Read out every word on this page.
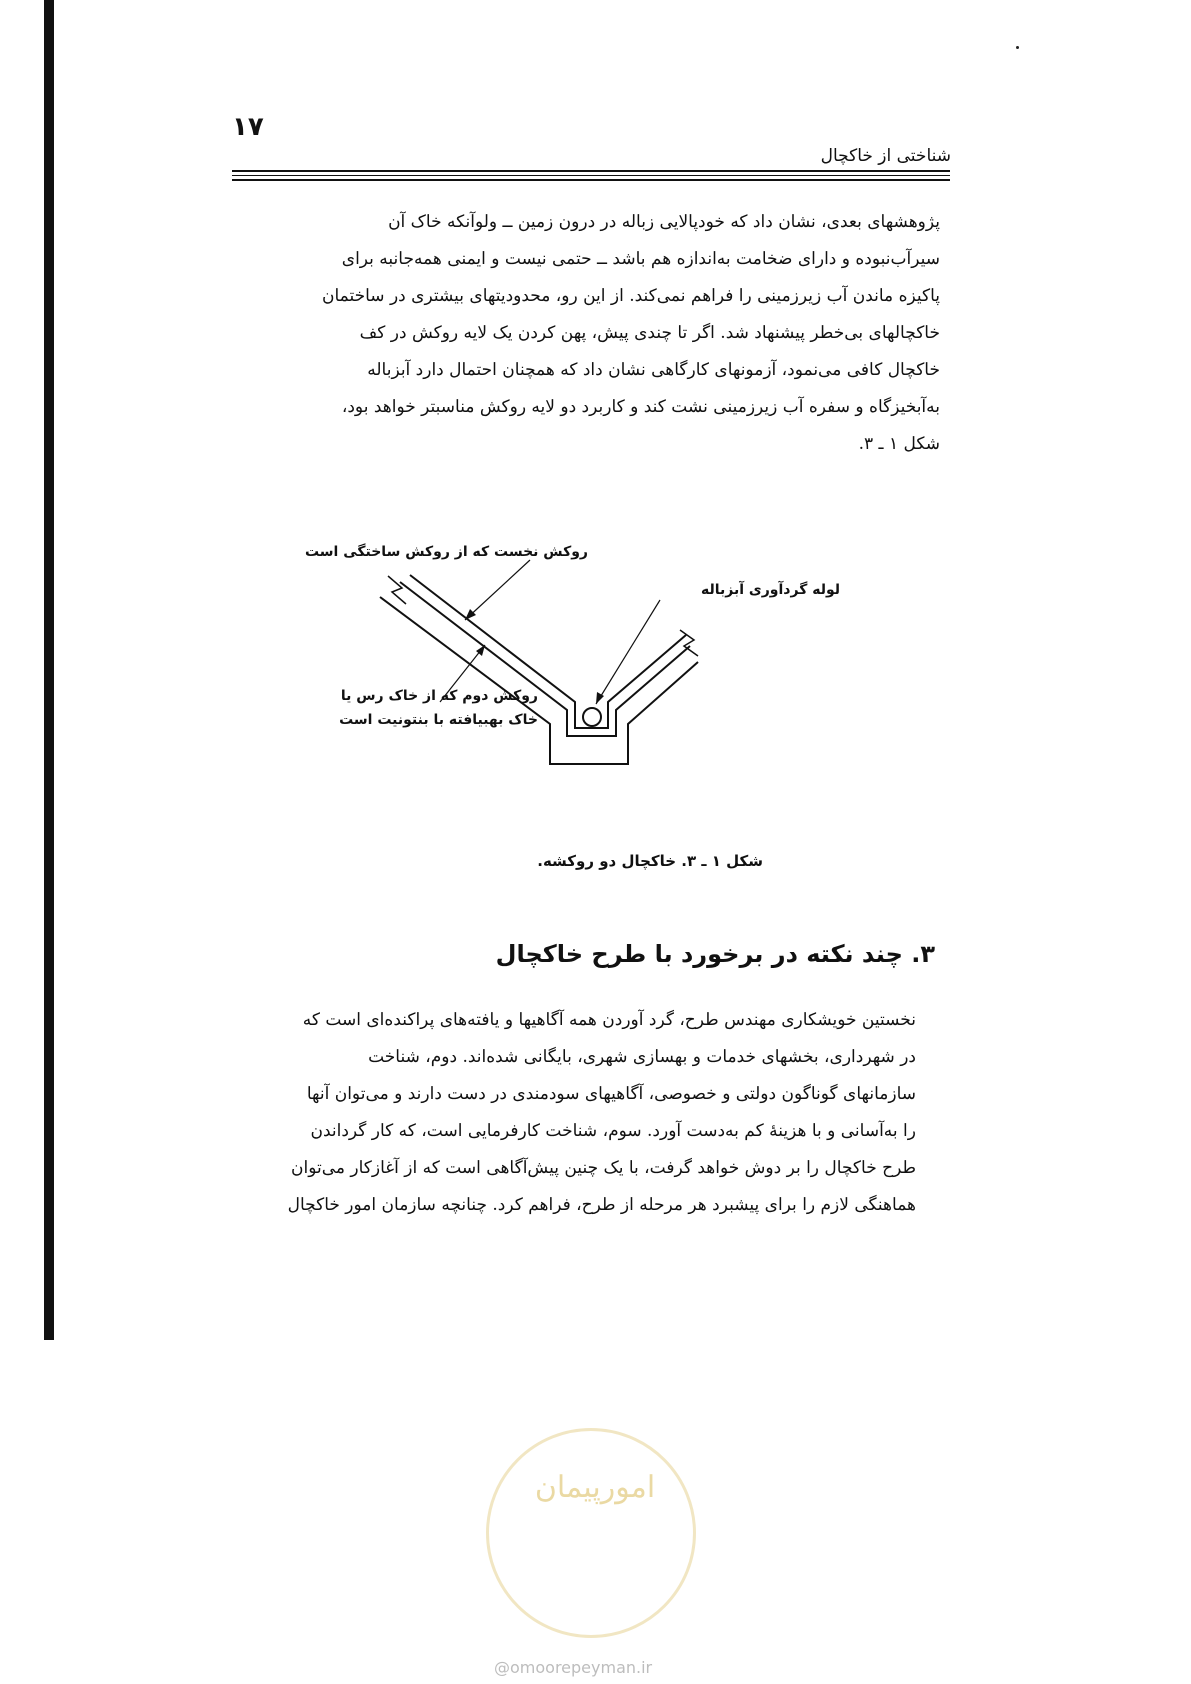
۱۷
شناختی از خاکچال

پژوهشهای بعدی، نشان داد که خودپالایی زباله در درون زمین ــ ولوآنکه خاک آن

سیرآب‌نبوده و دارای ضخامت به‌اندازه هم باشد ــ حتمی نیست و ایمنی همه‌جانبه برای

پاکیزه ماندن آب زیرزمینی را فراهم نمی‌کند. از این رو، محدودیتهای بیشتری در ساختمان

خاکچالهای بی‌خطر پیشنهاد شد. اگر تا چندی پیش، پهن کردن یک لایه روکش در کف

خاکچال کافی می‌نمود، آزمونهای کارگاهی نشان داد که همچنان احتمال دارد آبزباله

به‌آبخیزگاه و سفره آب زیرزمینی نشت کند و کاربرد دو لایه روکش مناسبتر خواهد بود،

شکل ۱ ـ ۳.

روکش نخست که از روکش ساختگی است
لوله گردآوری آبزباله
روکش دوم که از خاک رس یا
خاک بهبیافته با بنتونیت است
شکل ۱ ـ ۳. خاکچال دو روکشه.
۳. چند نکته در برخورد با طرح خاکچال

نخستین خویشکاری مهندس طرح، گرد آوردن همه آگاهیها و یافته‌های پراکنده‌ای است که

در شهرداری، بخشهای خدمات و بهسازی شهری، بایگانی شده‌اند. دوم، شناخت

سازمانهای گوناگون دولتی و خصوصی، آگاهیهای سودمندی در دست دارند و می‌توان آنها

را به‌آسانی و با هزینهٔ کم به‌دست آورد. سوم، شناخت کارفرمایی است، که کار گرداندن

طرح خاکچال را بر دوش خواهد گرفت، با یک چنین پیش‌آگاهی است که از آغازکار می‌توان

هماهنگی لازم را برای پیشبرد هر مرحله از طرح، فراهم کرد. چنانچه سازمان امور خاکچال

امورپیمان
@omoorepeyman.ir
